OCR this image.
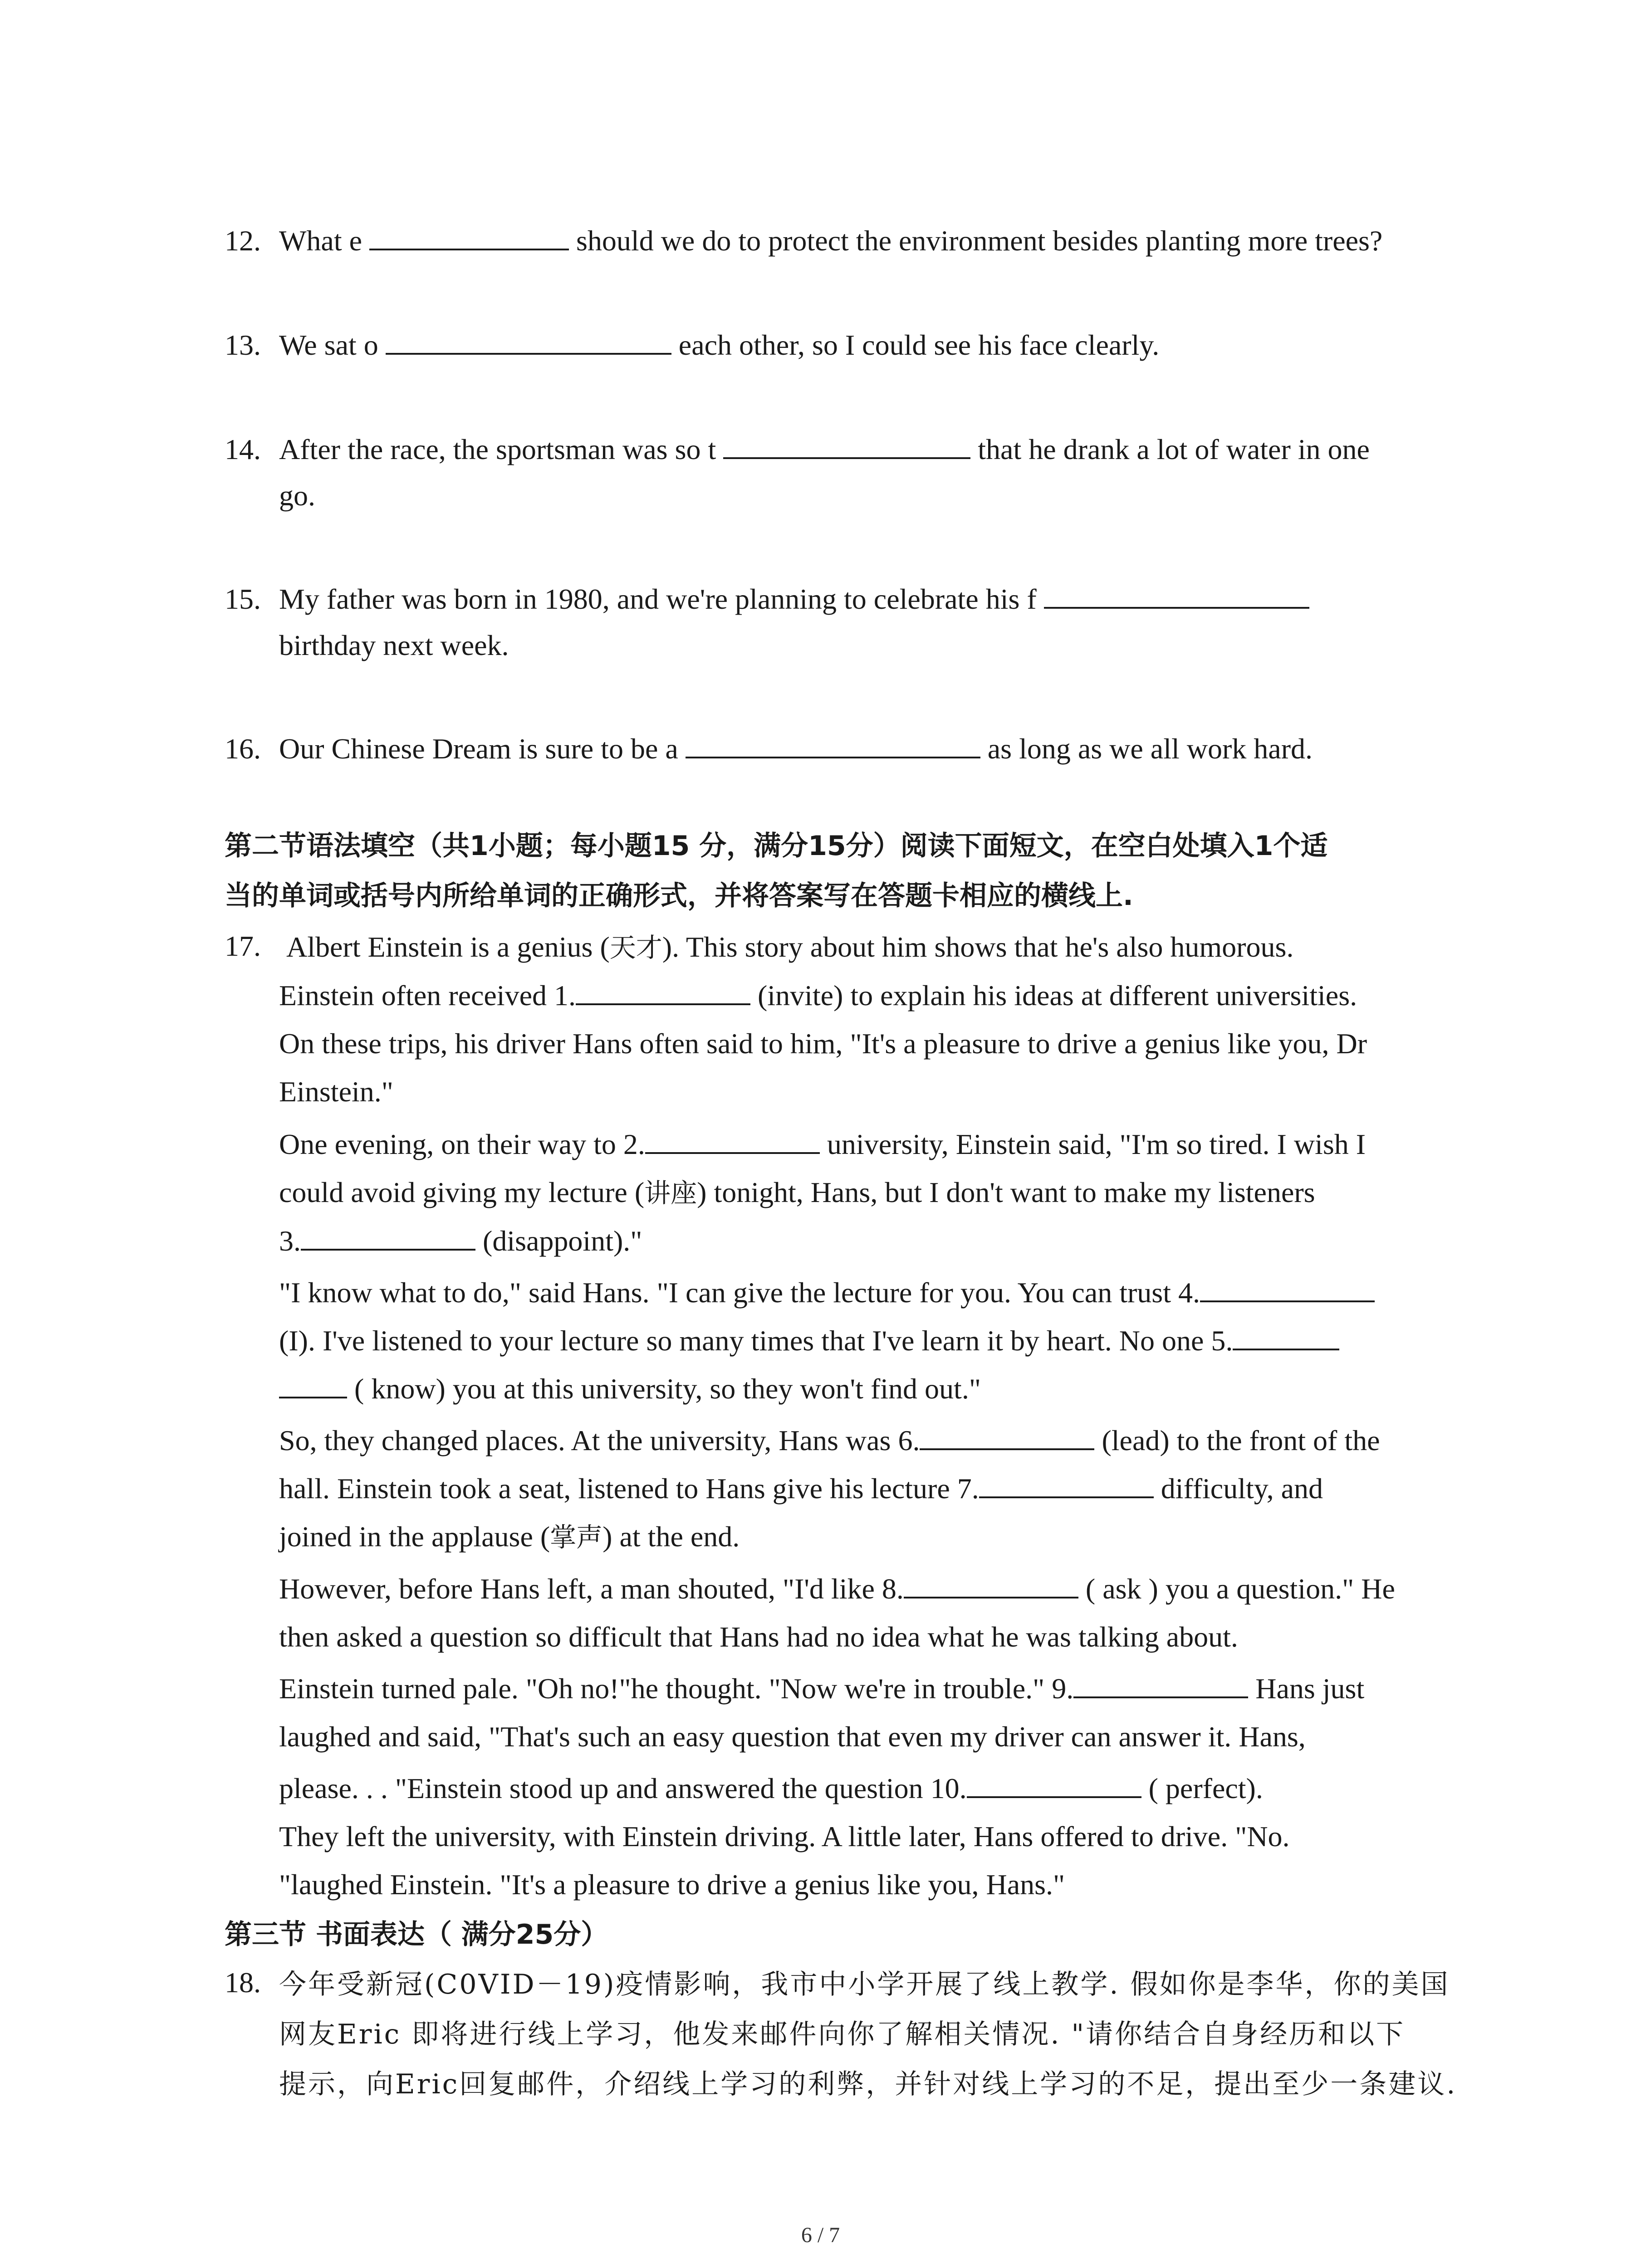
12. What e	should we do to protect the environment besides planting more trees?
13. We sat o	each other, so I could see his face clearly.
14. After the race, the sportsman was so t	that he drank a lot of water in one

go.

15. My father was born in 1980, and we're planning to celebrate his f

birthday next week.

16. Our Chinese Dream is sure to be a	as long as we all work hard.

第二节语法填空（共1小题；每小题15 分，满分15分）阅读下面短文，在空白处填入1个适

当的单词或括号内所给单词的正确形式，并将答案写在答题卡相应的横线上.

17. Albert Einstein is a genius (天才). This story about him shows that he's also humorous.

Einstein often received 1.	(invite) to explain his ideas at different universities.

On these trips, his driver Hans often said to him, "It's a pleasure to drive a genius like you, Dr

Einstein."

One evening, on their way to 2.	university, Einstein said, "I'm so tired. I wish I

could avoid giving my lecture (讲座) tonight, Hans, but I don't want to make my listeners

3.	(disappoint)."

"I know what to do," said Hans. "I can give the lecture for you. You can trust 4.

(I). I've listened to your lecture so many times that I've learn it by heart. No one 5.

( know) you at this university, so they won't find out."

So, they changed places. At the university, Hans was 6.	(lead) to the front of the

hall. Einstein took a seat, listened to Hans give his lecture 7.	difficulty, and

joined in the applause (掌声) at the end.

However, before Hans left, a man shouted, "I'd like 8.	( ask ) you a question." He

then asked a question so difficult that Hans had no idea what he was talking about.

Einstein turned pale. "Oh no!"he thought. "Now we're in trouble." 9.	Hans just

laughed and said, "That's such an easy question that even my driver can answer it. Hans,

please. . . "Einstein stood up and answered the question 10.	( perfect).

They left the university, with Einstein driving. A little later, Hans offered to drive. "No.

"laughed Einstein. "It's a pleasure to drive a genius like you, Hans."

第三节 书面表达（ 满分25分）

18. 今年受新冠(C0VID－19)疫情影响，我市中小学开展了线上教学. 假如你是李华，你的美国

网友Eric 即将进行线上学习，他发来邮件向你了解相关情况. "请你结合自身经历和以下

提示，向Eric回复邮件，介绍线上学习的利弊，并针对线上学习的不足，提出至少一条建议.

6 / 7
